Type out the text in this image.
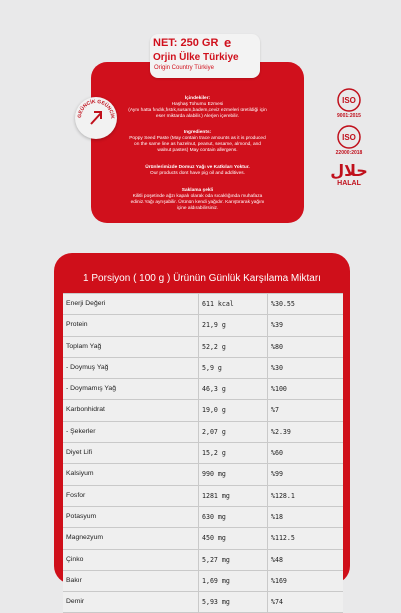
İçindekiler:
Haşhaş Tohumu Ezmesi
(Aynı hatta fındık,fıstık,susam,badem,ceviz ezmeleri üretildiği için
eser miktarda alabilir.) Alerjen içerebilir.
Ingredients:
Poppy Seed Paste (May contain trace amounts as it is produced
on the same line as hazelnut, peanut, sesame, almond, and
walnut pastes) May contain allergens.
Ürünlerimizde Domuz Yağı ve Katkıları Yoktur.
Our products dont have pig oil and additives.
Saklama şekli
Kilitli poşetinde ağzı kapalı olarak oda sıcaklığında muhafaza
ediniz.Yağı ayrışabilir. Ürünün kendi yağıdır. Karıştırarak yağını
içine aldırabilirsiniz.
NET: 250 GR e
Orjin Ülke Türkiye
Origin Country Türkiye
GEÜNCİK GEÜNCİK
ISO
9001:2015
ISO
22000:2018
حلال
HALAL
1 Porsiyon ( 100 g ) Ürünün Günlük Karşılama Miktarı
Enerji Değeri	611 kcal	%30.55
Protein	21,9 g	%39
Toplam Yağ	52,2 g	%80
- Doymuş Yağ	5,9 g	%30
- Doymamış Yağ	46,3 g	%100
Karbonhidrat	19,0 g	%7
- Şekerler	2,07 g	%2.39
Diyet Lifi	15,2 g	%60
Kalsiyum	990 mg	%99
Fosfor	1281 mg	%128.1
Potasyum	630 mg	%18
Magnezyum	450 mg	%112.5
Çinko	5,27 mg	%48
Bakır	1,69 mg	%169
Demir	5,93 mg	%74
